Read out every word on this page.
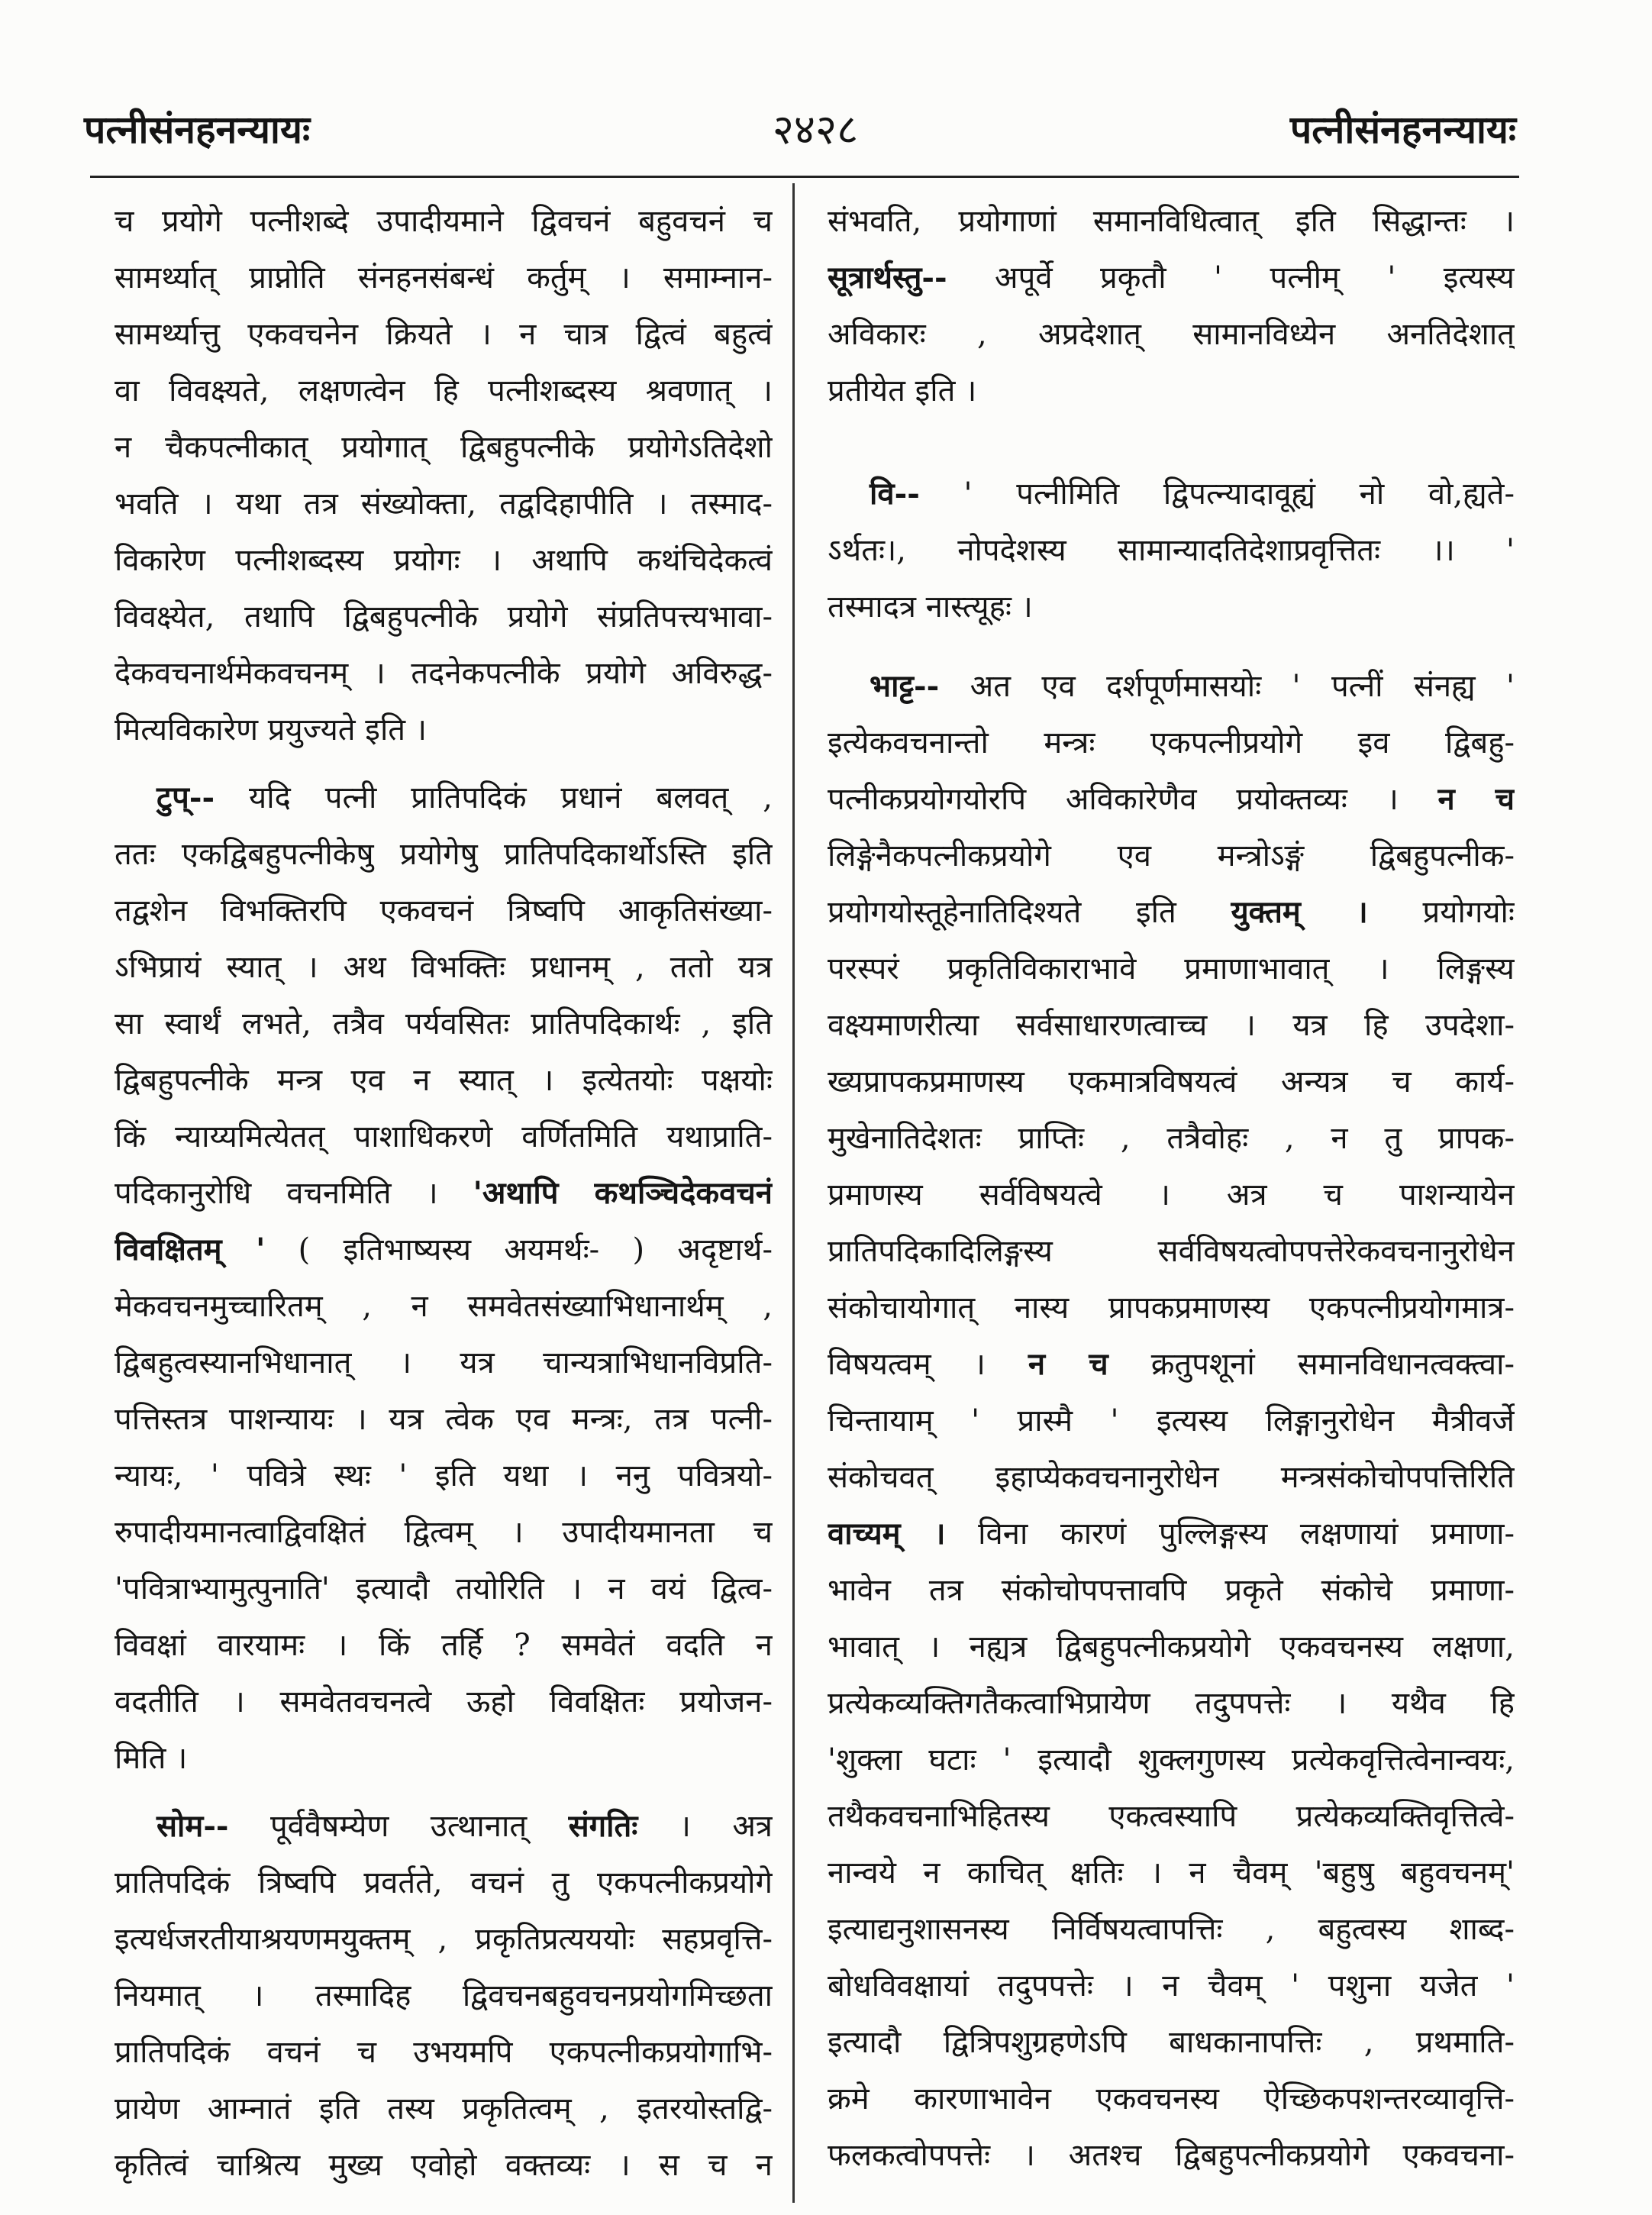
पत्नीसंनहनन्यायः	२४२८	पत्नीसंनहनन्यायः
च प्रयोगे पत्नीशब्दे उपादीयमाने द्विवचनं बहुवचनं च
सामर्थ्यात् प्राप्नोति संनहनसंबन्धं कर्तुम् । समाम्नान-
सामर्थ्यात्तु एकवचनेन क्रियते । न चात्र द्वित्वं बहुत्वं
वा विवक्ष्यते, लक्षणत्वेन हि पत्नीशब्दस्य श्रवणात् ।
न चैकपत्नीकात् प्रयोगात् द्विबहुपत्नीके प्रयोगेऽतिदेशो
भवति । यथा तत्र संख्योक्ता, तद्वदिहापीति । तस्माद-
विकारेण पत्नीशब्दस्य प्रयोगः । अथापि कथंचिदेकत्वं
विवक्ष्येत, तथापि द्विबहुपत्नीके प्रयोगे संप्रतिपत्त्यभावा-
देकवचनार्थमेकवचनम् । तदनेकपत्नीके प्रयोगे अविरुद्ध-
मित्यविकारेण प्रयुज्यते इति ।
टुप्-- यदि पत्नी प्रातिपदिकं प्रधानं बलवत् ,
ततः एकद्विबहुपत्नीकेषु प्रयोगेषु प्रातिपदिकार्थोऽस्ति इति
तद्वशेन विभक्तिरपि एकवचनं त्रिष्वपि आकृतिसंख्या-
ऽभिप्रायं स्यात् । अथ विभक्तिः प्रधानम् , ततो यत्र
सा स्वार्थं लभते, तत्रैव पर्यवसितः प्रातिपदिकार्थः , इति
द्विबहुपत्नीके मन्त्र एव न स्यात् । इत्येतयोः पक्षयोः
किं न्याय्यमित्येतत् पाशाधिकरणे वर्णितमिति यथाप्राति-
पदिकानुरोधि वचनमिति । 'अथापि कथञ्चिदेकवचनं
विवक्षितम् ' ( इतिभाष्यस्य अयमर्थः- ) अदृष्टार्थ-
मेकवचनमुच्चारितम् , न समवेतसंख्याभिधानार्थम् ,
द्विबहुत्वस्यानभिधानात् । यत्र चान्यत्राभिधानविप्रति-
पत्तिस्तत्र पाशन्यायः । यत्र त्वेक एव मन्त्रः, तत्र पत्नी-
न्यायः, ' पवित्रे स्थः ' इति यथा । ननु पवित्रयो-
रुपादीयमानत्वाद्विवक्षितं द्वित्वम् । उपादीयमानता च
'पवित्राभ्यामुत्पुनाति' इत्यादौ तयोरिति । न वयं द्वित्व-
विवक्षां वारयामः । किं तर्हि ? समवेतं वदति न
वदतीति । समवेतवचनत्वे ऊहो विवक्षितः प्रयोजन-
मिति ।
सोम-- पूर्ववैषम्येण उत्थानात् संगतिः । अत्र
प्रातिपदिकं त्रिष्वपि प्रवर्तते, वचनं तु एकपत्नीकप्रयोगे
इत्यर्धजरतीयाश्रयणमयुक्तम् , प्रकृतिप्रत्यययोः सहप्रवृत्ति-
नियमात् । तस्मादिह द्विवचनबहुवचनप्रयोगमिच्छता
प्रातिपदिकं वचनं च उभयमपि एकपत्नीकप्रयोगाभि-
प्रायेण आम्नातं इति तस्य प्रकृतित्वम् , इतरयोस्तद्वि-
कृतित्वं चाश्रित्य मुख्य एवोहो वक्तव्यः । स च न
संभवति, प्रयोगाणां समानविधित्वात् इति सिद्धान्तः ।
सूत्रार्थस्तु-- अपूर्वे प्रकृतौ ' पत्नीम् ' इत्यस्य
अविकारः , अप्रदेशात् सामानविध्येन अनतिदेशात्
प्रतीयेत इति ।
वि-- ' पत्नीमिति द्विपत्न्यादावूह्यं नो वो,ह्यते-
ऽर्थतः।, नोपदेशस्य सामान्यादतिदेशाप्रवृत्तितः ।। '
तस्मादत्र नास्त्यूहः ।
भाट्ट-- अत एव दर्शपूर्णमासयोः ' पत्नीं संनह्य '
इत्येकवचनान्तो मन्त्रः एकपत्नीप्रयोगे इव द्विबहु-
पत्नीकप्रयोगयोरपि अविकारेणैव प्रयोक्तव्यः । न च
लिङ्गेनैकपत्नीकप्रयोगे एव मन्त्रोऽङ्गं द्विबहुपत्नीक-
प्रयोगयोस्तूहेनातिदिश्यते इति युक्तम् । प्रयोगयोः
परस्परं प्रकृतिविकाराभावे प्रमाणाभावात् । लिङ्गस्य
वक्ष्यमाणरीत्या सर्वसाधारणत्वाच्च । यत्र हि उपदेशा-
ख्यप्रापकप्रमाणस्य एकमात्रविषयत्वं अन्यत्र च कार्य-
मुखेनातिदेशतः प्राप्तिः , तत्रैवोहः , न तु प्रापक-
प्रमाणस्य सर्वविषयत्वे । अत्र च पाशन्यायेन
प्रातिपदिकादिलिङ्गस्य सर्वविषयत्वोपपत्तेरेकवचनानुरोधेन
संकोचायोगात् नास्य प्रापकप्रमाणस्य एकपत्नीप्रयोगमात्र-
विषयत्वम् । न च क्रतुपशूनां समानविधानत्वक्त्वा-
चिन्तायाम् ' प्रास्मै ' इत्यस्य लिङ्गानुरोधेन मैत्रीवर्जे
संकोचवत् इहाप्येकवचनानुरोधेन मन्त्रसंकोचोपपत्तिरिति
वाच्यम् । विना कारणं पुल्लिङ्गस्य लक्षणायां प्रमाणा-
भावेन तत्र संकोचोपपत्तावपि प्रकृते संकोचे प्रमाणा-
भावात् । नह्यत्र द्विबहुपत्नीकप्रयोगे एकवचनस्य लक्षणा,
प्रत्येकव्यक्तिगतैकत्वाभिप्रायेण तदुपपत्तेः । यथैव हि
'शुक्ला घटाः ' इत्यादौ शुक्लगुणस्य प्रत्येकवृत्तित्वेनान्वयः,
तथैकवचनाभिहितस्य एकत्वस्यापि प्रत्येकव्यक्तिवृत्तित्वे-
नान्वये न काचित् क्षतिः । न चैवम् 'बहुषु बहुवचनम्'
इत्याद्यनुशासनस्य निर्विषयत्वापत्तिः , बहुत्वस्य शाब्द-
बोधविवक्षायां तदुपपत्तेः । न चैवम् ' पशुना यजेत '
इत्यादौ द्वित्रिपशुग्रहणेऽपि बाधकानापत्तिः , प्रथमाति-
क्रमे कारणाभावेन एकवचनस्य ऐच्छिकपशन्तरव्यावृत्ति-
फलकत्वोपपत्तेः । अतश्च द्विबहुपत्नीकप्रयोगे एकवचना-
